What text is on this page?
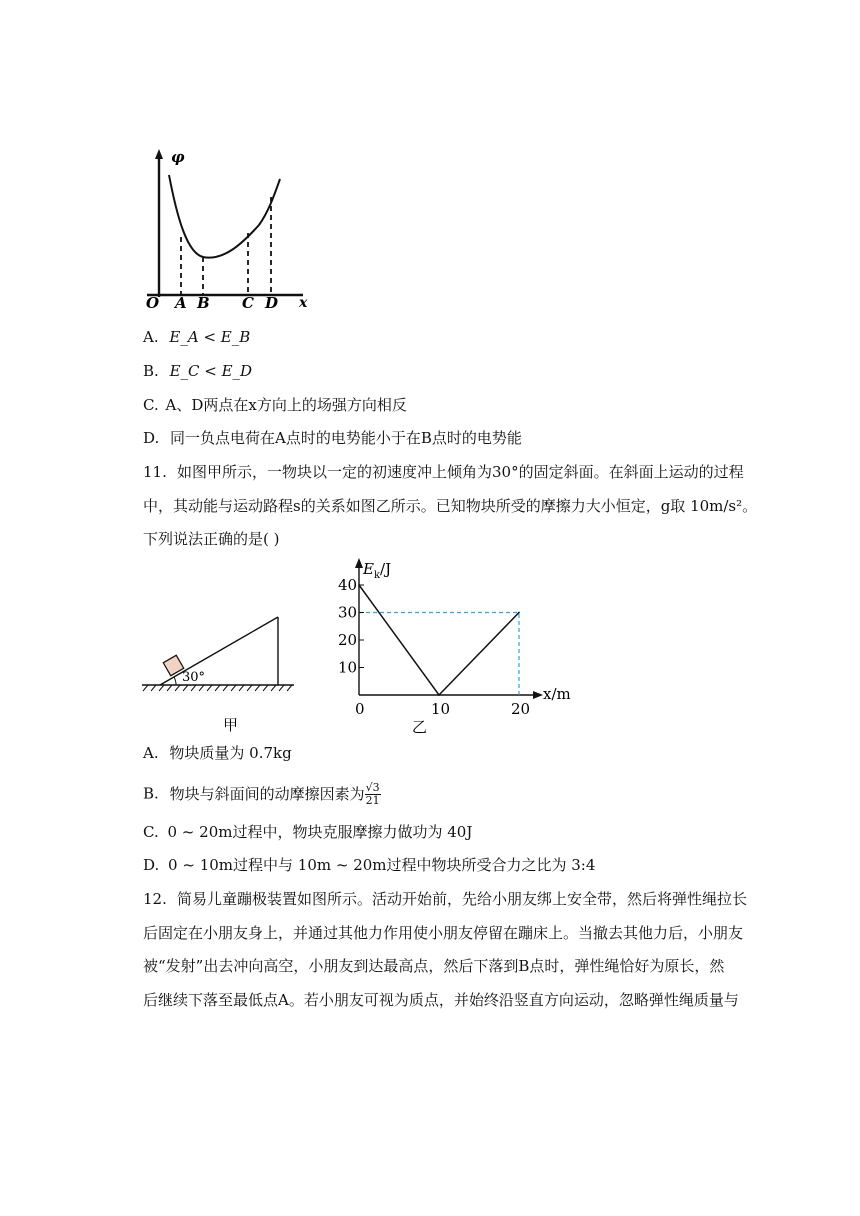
φ
O A B C D x
A. E_A < E_B
B. E_C < E_D
C. A、D两点在x方向上的场强方向相反
D. 同一负点电荷在A点时的电势能小于在B点时的电势能
11. 如图甲所示，一物块以一定的初速度冲上倾角为30°的固定斜面。在斜面上运动的过程
中，其动能与运动路程s的关系如图乙所示。已知物块所受的摩擦力大小恒定，g取 10m/s²。
下列说法正确的是( )
30°
甲
10
20
30
40
0	10	20
$E_k/J$
x/m
乙
A. 物块质量为 0.7kg
B. 物块与斜面间的动摩擦因素为 $\frac{√3}{21}$
C. 0 ~ 20m过程中，物块克服摩擦力做功为 40J
D. 0 ~ 10m过程中与 10m ~ 20m过程中物块所受合力之比为 3:4
12. 简易儿童蹦极装置如图所示。活动开始前，先给小朋友绑上安全带，然后将弹性绳拉长
后固定在小朋友身上，并通过其他力作用使小朋友停留在蹦床上。当撤去其他力后，小朋友
被“发射”出去冲向高空，小朋友到达最高点，然后下落到B点时，弹性绳恰好为原长，然
后继续下落至最低点A。若小朋友可视为质点，并始终沿竖直方向运动，忽略弹性绳质量与
